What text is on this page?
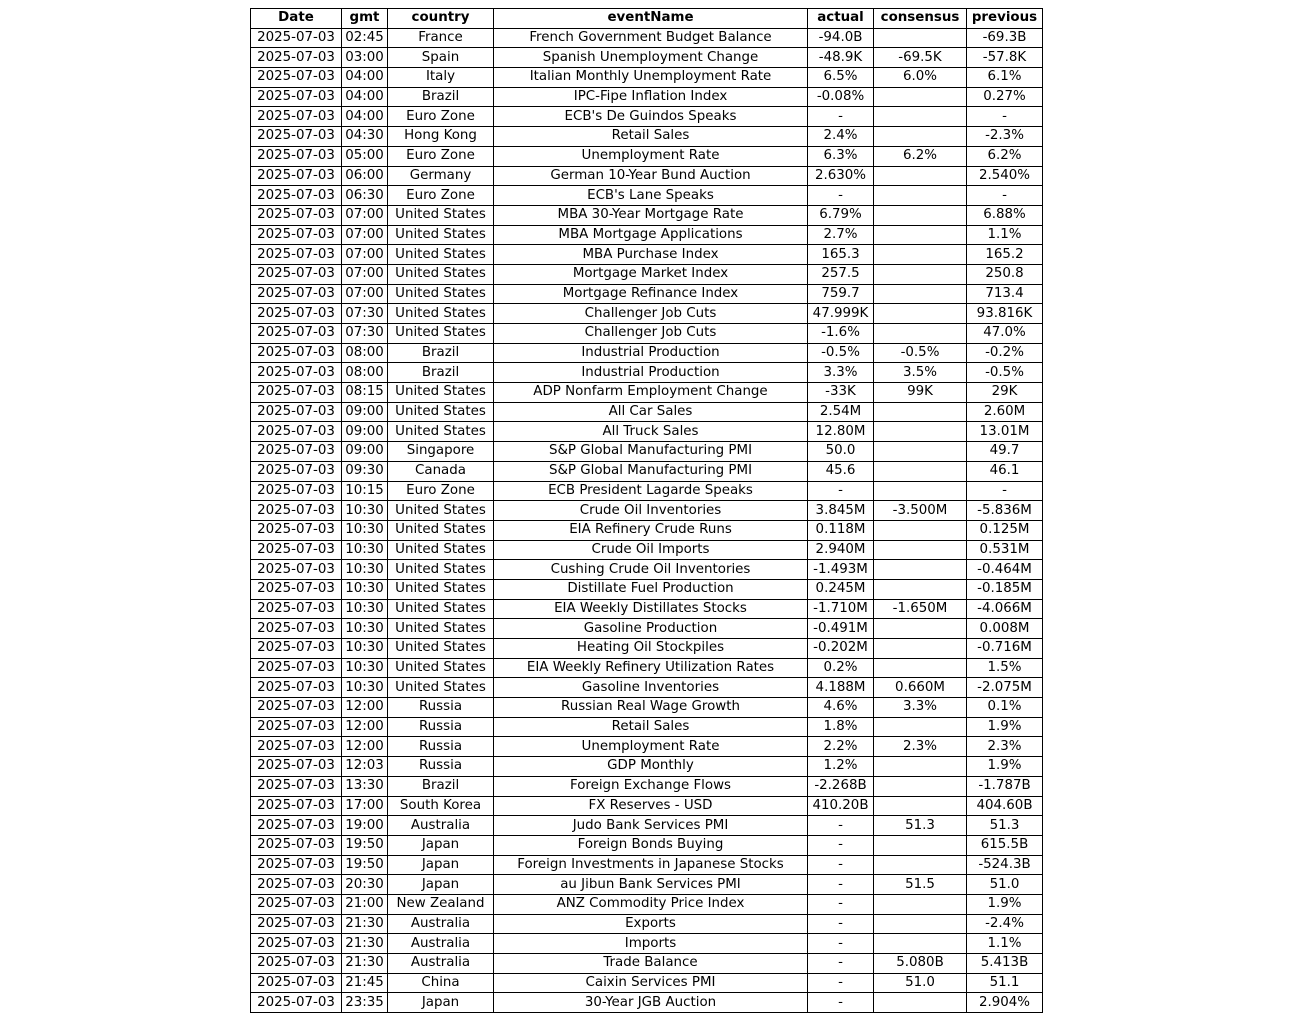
Date	gmt	country	eventName	actual	consensus	previous
2025-07-03	02:45	France	French Government Budget Balance	-94.0B		-69.3B
2025-07-03	03:00	Spain	Spanish Unemployment Change	-48.9K	-69.5K	-57.8K
2025-07-03	04:00	Italy	Italian Monthly Unemployment Rate	6.5%	6.0%	6.1%
2025-07-03	04:00	Brazil	IPC-Fipe Inflation Index	-0.08%		0.27%
2025-07-03	04:00	Euro Zone	ECB's De Guindos Speaks	-		-
2025-07-03	04:30	Hong Kong	Retail Sales	2.4%		-2.3%
2025-07-03	05:00	Euro Zone	Unemployment Rate	6.3%	6.2%	6.2%
2025-07-03	06:00	Germany	German 10-Year Bund Auction	2.630%		2.540%
2025-07-03	06:30	Euro Zone	ECB's Lane Speaks	-		-
2025-07-03	07:00	United States	MBA 30-Year Mortgage Rate	6.79%		6.88%
2025-07-03	07:00	United States	MBA Mortgage Applications	2.7%		1.1%
2025-07-03	07:00	United States	MBA Purchase Index	165.3		165.2
2025-07-03	07:00	United States	Mortgage Market Index	257.5		250.8
2025-07-03	07:00	United States	Mortgage Refinance Index	759.7		713.4
2025-07-03	07:30	United States	Challenger Job Cuts	47.999K		93.816K
2025-07-03	07:30	United States	Challenger Job Cuts	-1.6%		47.0%
2025-07-03	08:00	Brazil	Industrial Production	-0.5%	-0.5%	-0.2%
2025-07-03	08:00	Brazil	Industrial Production	3.3%	3.5%	-0.5%
2025-07-03	08:15	United States	ADP Nonfarm Employment Change	-33K	99K	29K
2025-07-03	09:00	United States	All Car Sales	2.54M		2.60M
2025-07-03	09:00	United States	All Truck Sales	12.80M		13.01M
2025-07-03	09:00	Singapore	S&P Global Manufacturing PMI	50.0		49.7
2025-07-03	09:30	Canada	S&P Global Manufacturing PMI	45.6		46.1
2025-07-03	10:15	Euro Zone	ECB President Lagarde Speaks	-		-
2025-07-03	10:30	United States	Crude Oil Inventories	3.845M	-3.500M	-5.836M
2025-07-03	10:30	United States	EIA Refinery Crude Runs	0.118M		0.125M
2025-07-03	10:30	United States	Crude Oil Imports	2.940M		0.531M
2025-07-03	10:30	United States	Cushing Crude Oil Inventories	-1.493M		-0.464M
2025-07-03	10:30	United States	Distillate Fuel Production	0.245M		-0.185M
2025-07-03	10:30	United States	EIA Weekly Distillates Stocks	-1.710M	-1.650M	-4.066M
2025-07-03	10:30	United States	Gasoline Production	-0.491M		0.008M
2025-07-03	10:30	United States	Heating Oil Stockpiles	-0.202M		-0.716M
2025-07-03	10:30	United States	EIA Weekly Refinery Utilization Rates	0.2%		1.5%
2025-07-03	10:30	United States	Gasoline Inventories	4.188M	0.660M	-2.075M
2025-07-03	12:00	Russia	Russian Real Wage Growth	4.6%	3.3%	0.1%
2025-07-03	12:00	Russia	Retail Sales	1.8%		1.9%
2025-07-03	12:00	Russia	Unemployment Rate	2.2%	2.3%	2.3%
2025-07-03	12:03	Russia	GDP Monthly	1.2%		1.9%
2025-07-03	13:30	Brazil	Foreign Exchange Flows	-2.268B		-1.787B
2025-07-03	17:00	South Korea	FX Reserves - USD	410.20B		404.60B
2025-07-03	19:00	Australia	Judo Bank Services PMI	-	51.3	51.3
2025-07-03	19:50	Japan	Foreign Bonds Buying	-		615.5B
2025-07-03	19:50	Japan	Foreign Investments in Japanese Stocks	-		-524.3B
2025-07-03	20:30	Japan	au Jibun Bank Services PMI	-	51.5	51.0
2025-07-03	21:00	New Zealand	ANZ Commodity Price Index	-		1.9%
2025-07-03	21:30	Australia	Exports	-		-2.4%
2025-07-03	21:30	Australia	Imports	-		1.1%
2025-07-03	21:30	Australia	Trade Balance	-	5.080B	5.413B
2025-07-03	21:45	China	Caixin Services PMI	-	51.0	51.1
2025-07-03	23:35	Japan	30-Year JGB Auction	-		2.904%
